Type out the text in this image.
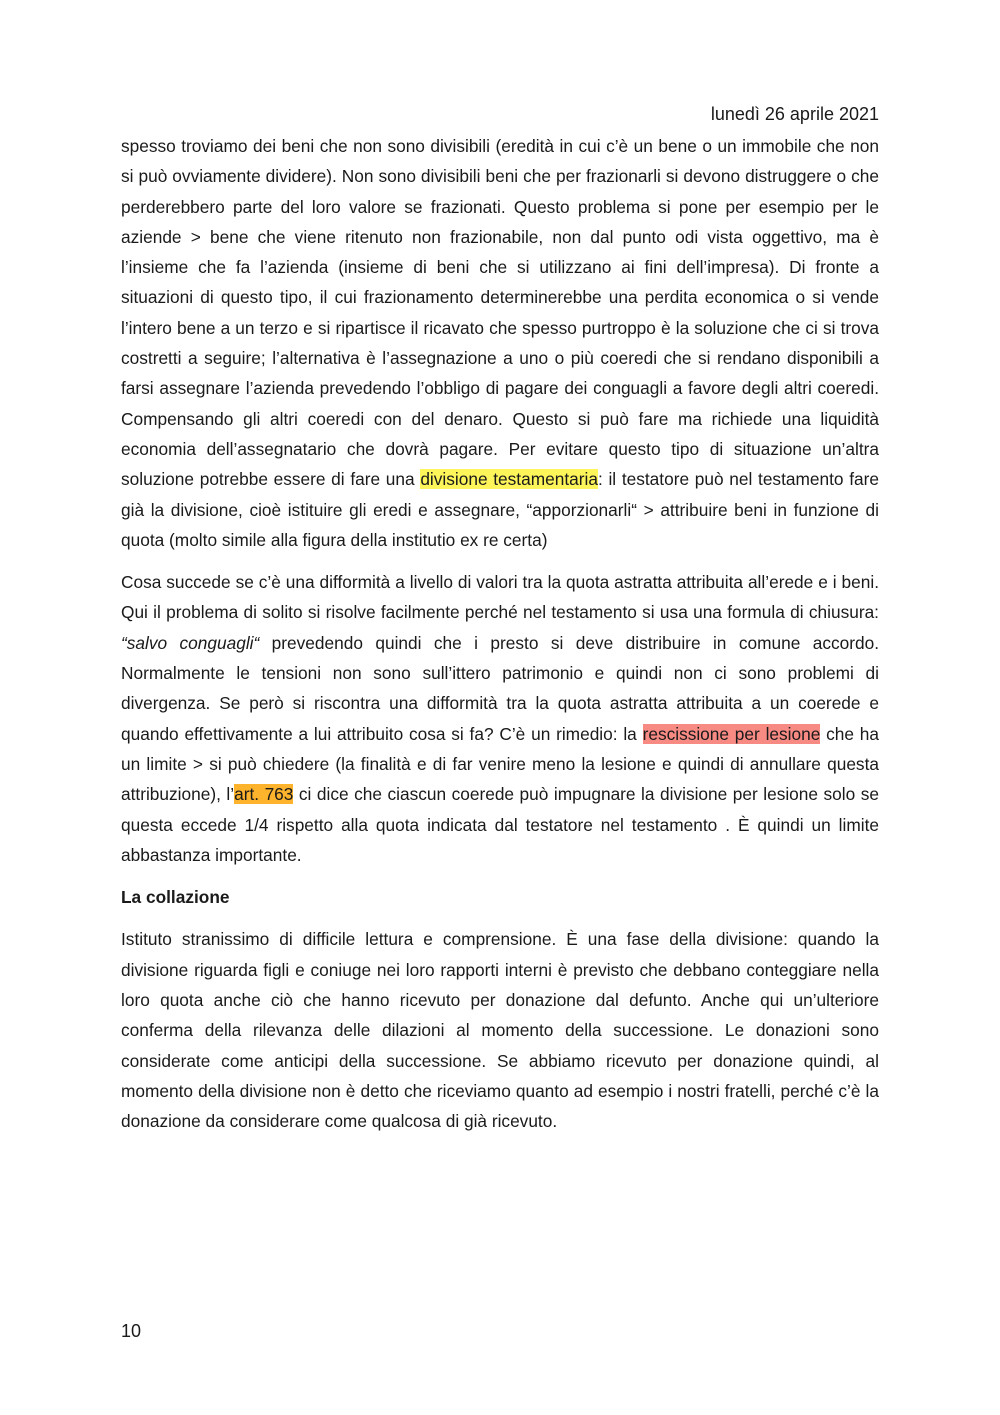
lunedì 26 aprile 2021

spesso troviamo dei beni che non sono divisibili (eredità in cui c’è un bene o un immobile che non si può ovviamente dividere). Non sono divisibili beni che per frazionarli si devono distruggere o che perderebbero parte del loro valore se frazionati. Questo problema si pone per esempio per le aziende > bene che viene ritenuto non frazionabile, non dal punto odi vista oggettivo, ma è l’insieme che fa l’azienda (insieme di beni che si utilizzano ai fini dell’impresa). Di fronte a situazioni di questo tipo, il cui frazionamento determinerebbe una perdita economica o si vende l’intero bene a un terzo e si ripartisce il ricavato che spesso purtroppo è la soluzione che ci si trova costretti a seguire; l’alternativa è l’assegnazione a uno o più coeredi che si rendano disponibili a farsi assegnare l’azienda prevedendo l’obbligo di pagare dei conguagli a favore degli altri coeredi. Compensando gli altri coeredi con del denaro. Questo si può fare ma richiede una liquidità economia dell’assegnatario che dovrà pagare. Per evitare questo tipo di situazione un’altra soluzione potrebbe essere di fare una divisione testamentaria: il testatore può nel testamento fare già la divisione, cioè istituire gli eredi e assegnare, “apporzionarli“ > attribuire beni in funzione di quota (molto simile alla figura della institutio ex re certa)

Cosa succede se c’è una difformità a livello di valori tra la quota astratta attribuita all’erede e i beni. Qui il problema di solito si risolve facilmente perché nel testamento si usa una formula di chiusura: “salvo conguagli“ prevedendo quindi che i presto si deve distribuire in comune accordo. Normalmente le tensioni non sono sull’ittero patrimonio e quindi non ci sono problemi di divergenza. Se però si riscontra una difformità tra la quota astratta attribuita a un coerede e quando effettivamente a lui attribuito cosa si fa? C’è un rimedio: la rescissione per lesione che ha un limite > si può chiedere (la finalità e di far venire meno la lesione e quindi di annullare questa attribuzione), l’art. 763 ci dice che ciascun coerede può impugnare la divisione per lesione solo se questa eccede 1/4 rispetto alla quota indicata dal testatore nel testamento . È quindi un limite abbastanza importante.

La collazione

Istituto stranissimo di difficile lettura e comprensione. È una fase della divisione: quando la divisione riguarda figli e coniuge nei loro rapporti interni è previsto che debbano conteggiare nella loro quota anche ciò che hanno ricevuto per donazione dal defunto. Anche qui un’ulteriore conferma della rilevanza delle dilazioni al momento della successione. Le donazioni sono considerate come anticipi della successione. Se abbiamo ricevuto per donazione quindi, al momento della divisione non è detto che riceviamo quanto ad esempio i nostri fratelli, perché c’è la donazione da considerare come qualcosa di già ricevuto.

10
